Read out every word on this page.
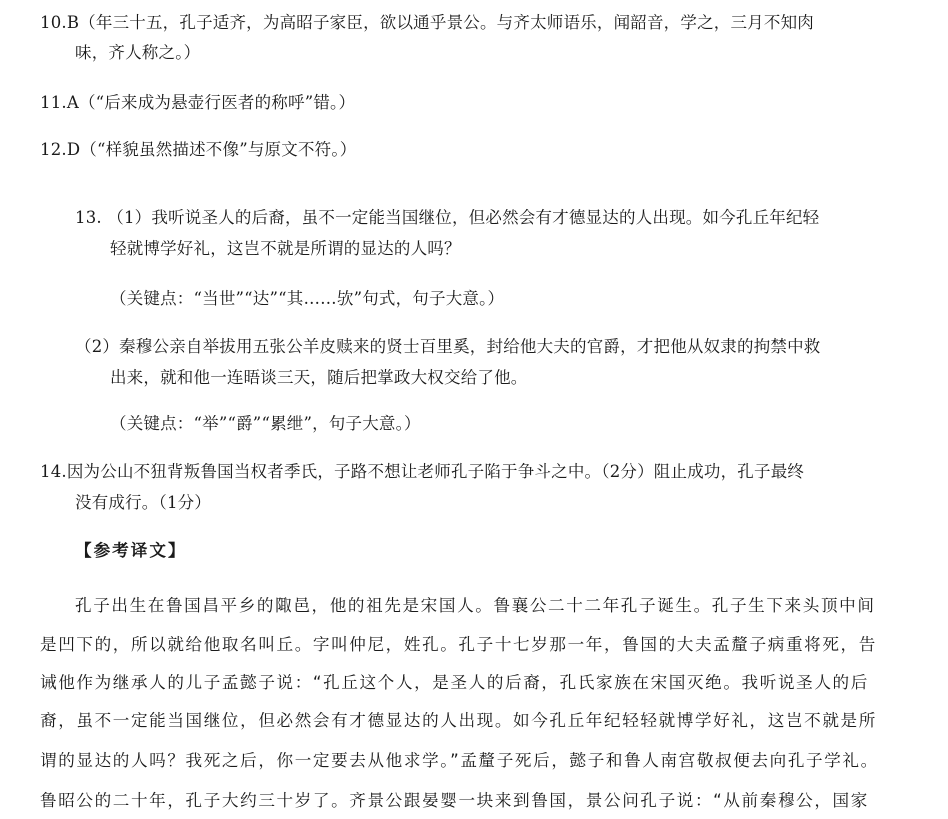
10.B（年三十五，孔子适齐，为高昭子家臣，欲以通乎景公。与齐太师语乐，闻韶音，学之，三月不知肉
味，齐人称之。）
11.A（“后来成为悬壶行医者的称呼”错。）
12.D（“样貌虽然描述不像”与原文不符。）
13. （1）我听说圣人的后裔，虽不一定能当国继位，但必然会有才德显达的人出现。如今孔丘年纪轻
轻就博学好礼，这岂不就是所谓的显达的人吗？
（关键点：“当世”“达”“其……欤”句式，句子大意。）
（2）秦穆公亲自举拔用五张公羊皮赎来的贤士百里奚，封给他大夫的官爵，才把他从奴隶的拘禁中救
出来，就和他一连晤谈三天，随后把掌政大权交给了他。
（关键点：“举”“爵”“累绁”，句子大意。）
14.因为公山不狃背叛鲁国当权者季氏，子路不想让老师孔子陷于争斗之中。（2分）阻止成功，孔子最终
没有成行。（1分）
【参考译文】
孔子出生在鲁国昌平乡的陬邑，他的祖先是宋国人。鲁襄公二十二年孔子诞生。孔子生下来头顶中间
是凹下的，所以就给他取名叫丘。字叫仲尼，姓孔。孔子十七岁那一年，鲁国的大夫孟釐子病重将死，告
诫他作为继承人的儿子孟懿子说：“孔丘这个人，是圣人的后裔，孔氏家族在宋国灭绝。我听说圣人的后
裔，虽不一定能当国继位，但必然会有才德显达的人出现。如今孔丘年纪轻轻就博学好礼，这岂不就是所
谓的显达的人吗？我死之后，你一定要去从他求学。”孟釐子死后，懿子和鲁人南宫敬叔便去向孔子学礼。
鲁昭公的二十年，孔子大约三十岁了。齐景公跟晏婴一块来到鲁国，景公问孔子说：“从前秦穆公，国家
